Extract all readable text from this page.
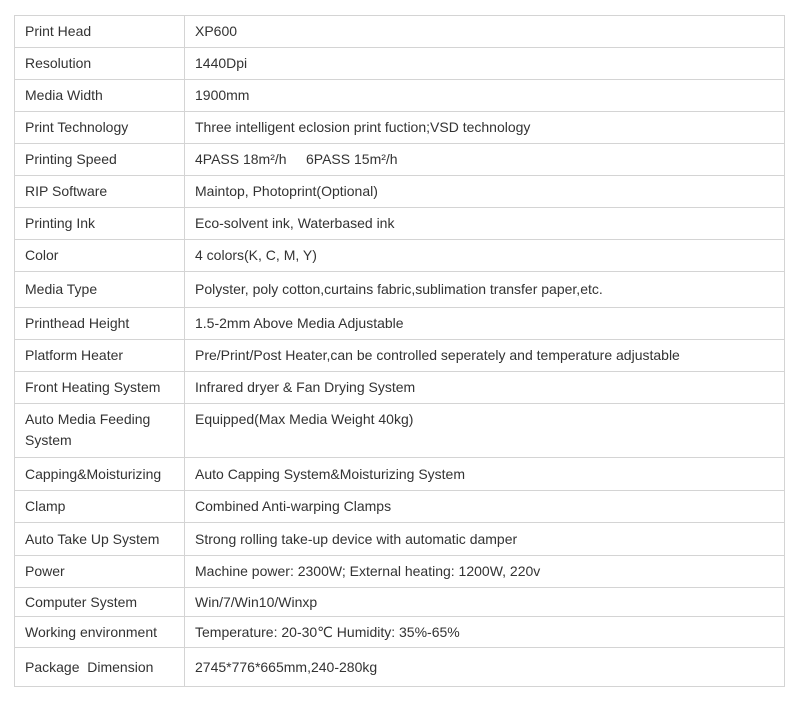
Print Head	XP600
Resolution	1440Dpi
Media Width	1900mm
Print Technology	Three intelligent eclosion print fuction;VSD technology
Printing Speed	4PASS 18m²/h     6PASS 15m²/h
RIP Software	Maintop, Photoprint(Optional)
Printing Ink	Eco-solvent ink, Waterbased ink
Color	4 colors(K, C, M, Y)
Media Type	Polyster, poly cotton,curtains fabric,sublimation transfer paper,etc.
Printhead Height	1.5-2mm Above Media Adjustable
Platform Heater	Pre/Print/Post Heater,can be controlled seperately and temperature adjustable
Front Heating System	Infrared dryer & Fan Drying System
Auto Media Feeding System	Equipped(Max Media Weight 40kg)
Capping&Moisturizing	Auto Capping System&Moisturizing System
Clamp	Combined Anti-warping Clamps
Auto Take Up System	Strong rolling take-up device with automatic damper
Power	Machine power: 2300W; External heating: 1200W, 220v
Computer System	Win/7/Win10/Winxp
Working environment	Temperature: 20-30℃ Humidity: 35%-65%
Package  Dimension	2745*776*665mm,240-280kg
